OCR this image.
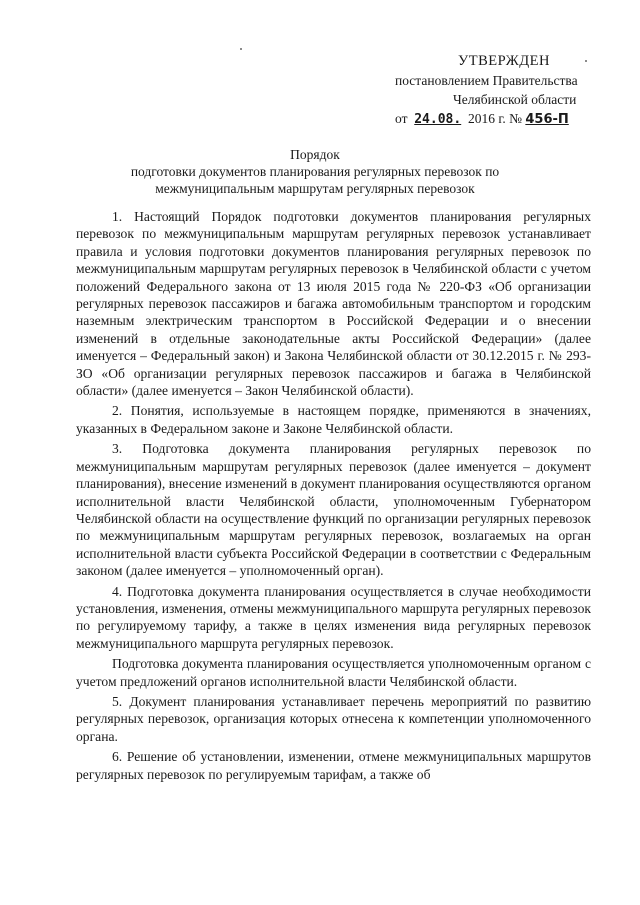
УТВЕРЖДЕН
постановлением Правительства
Челябинской области
от 24.08. 2016 г. № 456-П
Порядок
подготовки документов планирования регулярных перевозок по
межмуниципальным маршрутам регулярных перевозок

1. Настоящий Порядок подготовки документов планирования регулярных перевозок по межмуниципальным маршрутам регулярных перевозок устанавливает правила и условия подготовки документов планирования регулярных перевозок по межмуниципальным маршрутам регулярных перевозок в Челябинской области с учетом положений Федерального закона от 13 июля 2015 года № 220-ФЗ «Об организации регулярных перевозок пассажиров и багажа автомобильным транспортом и городским наземным электрическим транспортом в Российской Федерации и о внесении изменений в отдельные законодательные акты Российской Федерации» (далее именуется – Федеральный закон) и Закона Челябинской области от 30.12.2015 г. № 293-ЗО «Об организации регулярных перевозок пассажиров и багажа в Челябинской области» (далее именуется – Закон Челябинской области).

2. Понятия, используемые в настоящем порядке, применяются в значениях, указанных в Федеральном законе и Законе Челябинской области.

3. Подготовка документа планирования регулярных перевозок по межмуниципальным маршрутам регулярных перевозок (далее именуется – документ планирования), внесение изменений в документ планирования осуществляются органом исполнительной власти Челябинской области, уполномоченным Губернатором Челябинской области на осуществление функций по организации регулярных перевозок по межмуниципальным маршрутам регулярных перевозок, возлагаемых на орган исполнительной власти субъекта Российской Федерации в соответствии с Федеральным законом (далее именуется – уполномоченный орган).

4. Подготовка документа планирования осуществляется в случае необходимости установления, изменения, отмены межмуниципального маршрута регулярных перевозок по регулируемому тарифу, а также в целях изменения вида регулярных перевозок межмуниципального маршрута регулярных перевозок.

Подготовка документа планирования осуществляется уполномоченным органом с учетом предложений органов исполнительной власти Челябинской области.

5. Документ планирования устанавливает перечень мероприятий по развитию регулярных перевозок, организация которых отнесена к компетенции уполномоченного органа.

6. Решение об установлении, изменении, отмене межмуниципальных маршрутов регулярных перевозок по регулируемым тарифам, а также об
